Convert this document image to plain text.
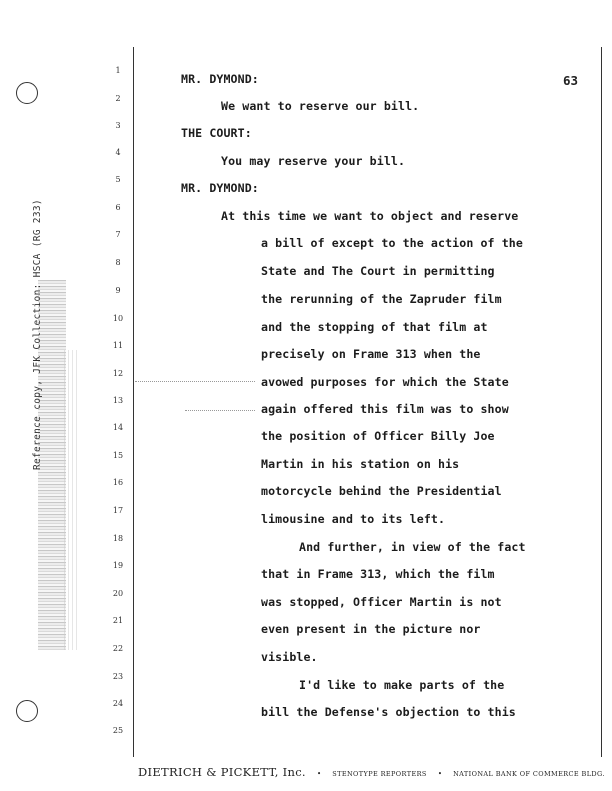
Reference copy, JFK Collection: HSCA (RG 233)
63
1
2
3
4
5
6
7
8
9
10
11
12
13
14
15
16
17
18
19
20
21
22
23
24
25
MR. DYMOND:
We want to reserve our bill.
THE COURT:
You may reserve your bill.
MR. DYMOND:
At this time we want to object and reserve
a bill of except to the action of the
State and The Court in permitting
the rerunning of the Zapruder film
and the stopping of that film at
precisely on Frame 313 when the
avowed purposes for which the State
again offered this film was to show
the position of Officer Billy Joe
Martin in his station on his
motorcycle behind the Presidential
limousine and to its left.
And further, in view of the fact
that in Frame 313, which the film
was stopped, Officer Martin is not
even present in the picture nor
visible.
I'd like to make parts of the
bill the Defense's objection to this
DIETRICH & PICKETT, Inc. • STENOTYPE REPORTERS • NATIONAL BANK OF COMMERCE BLDG.
